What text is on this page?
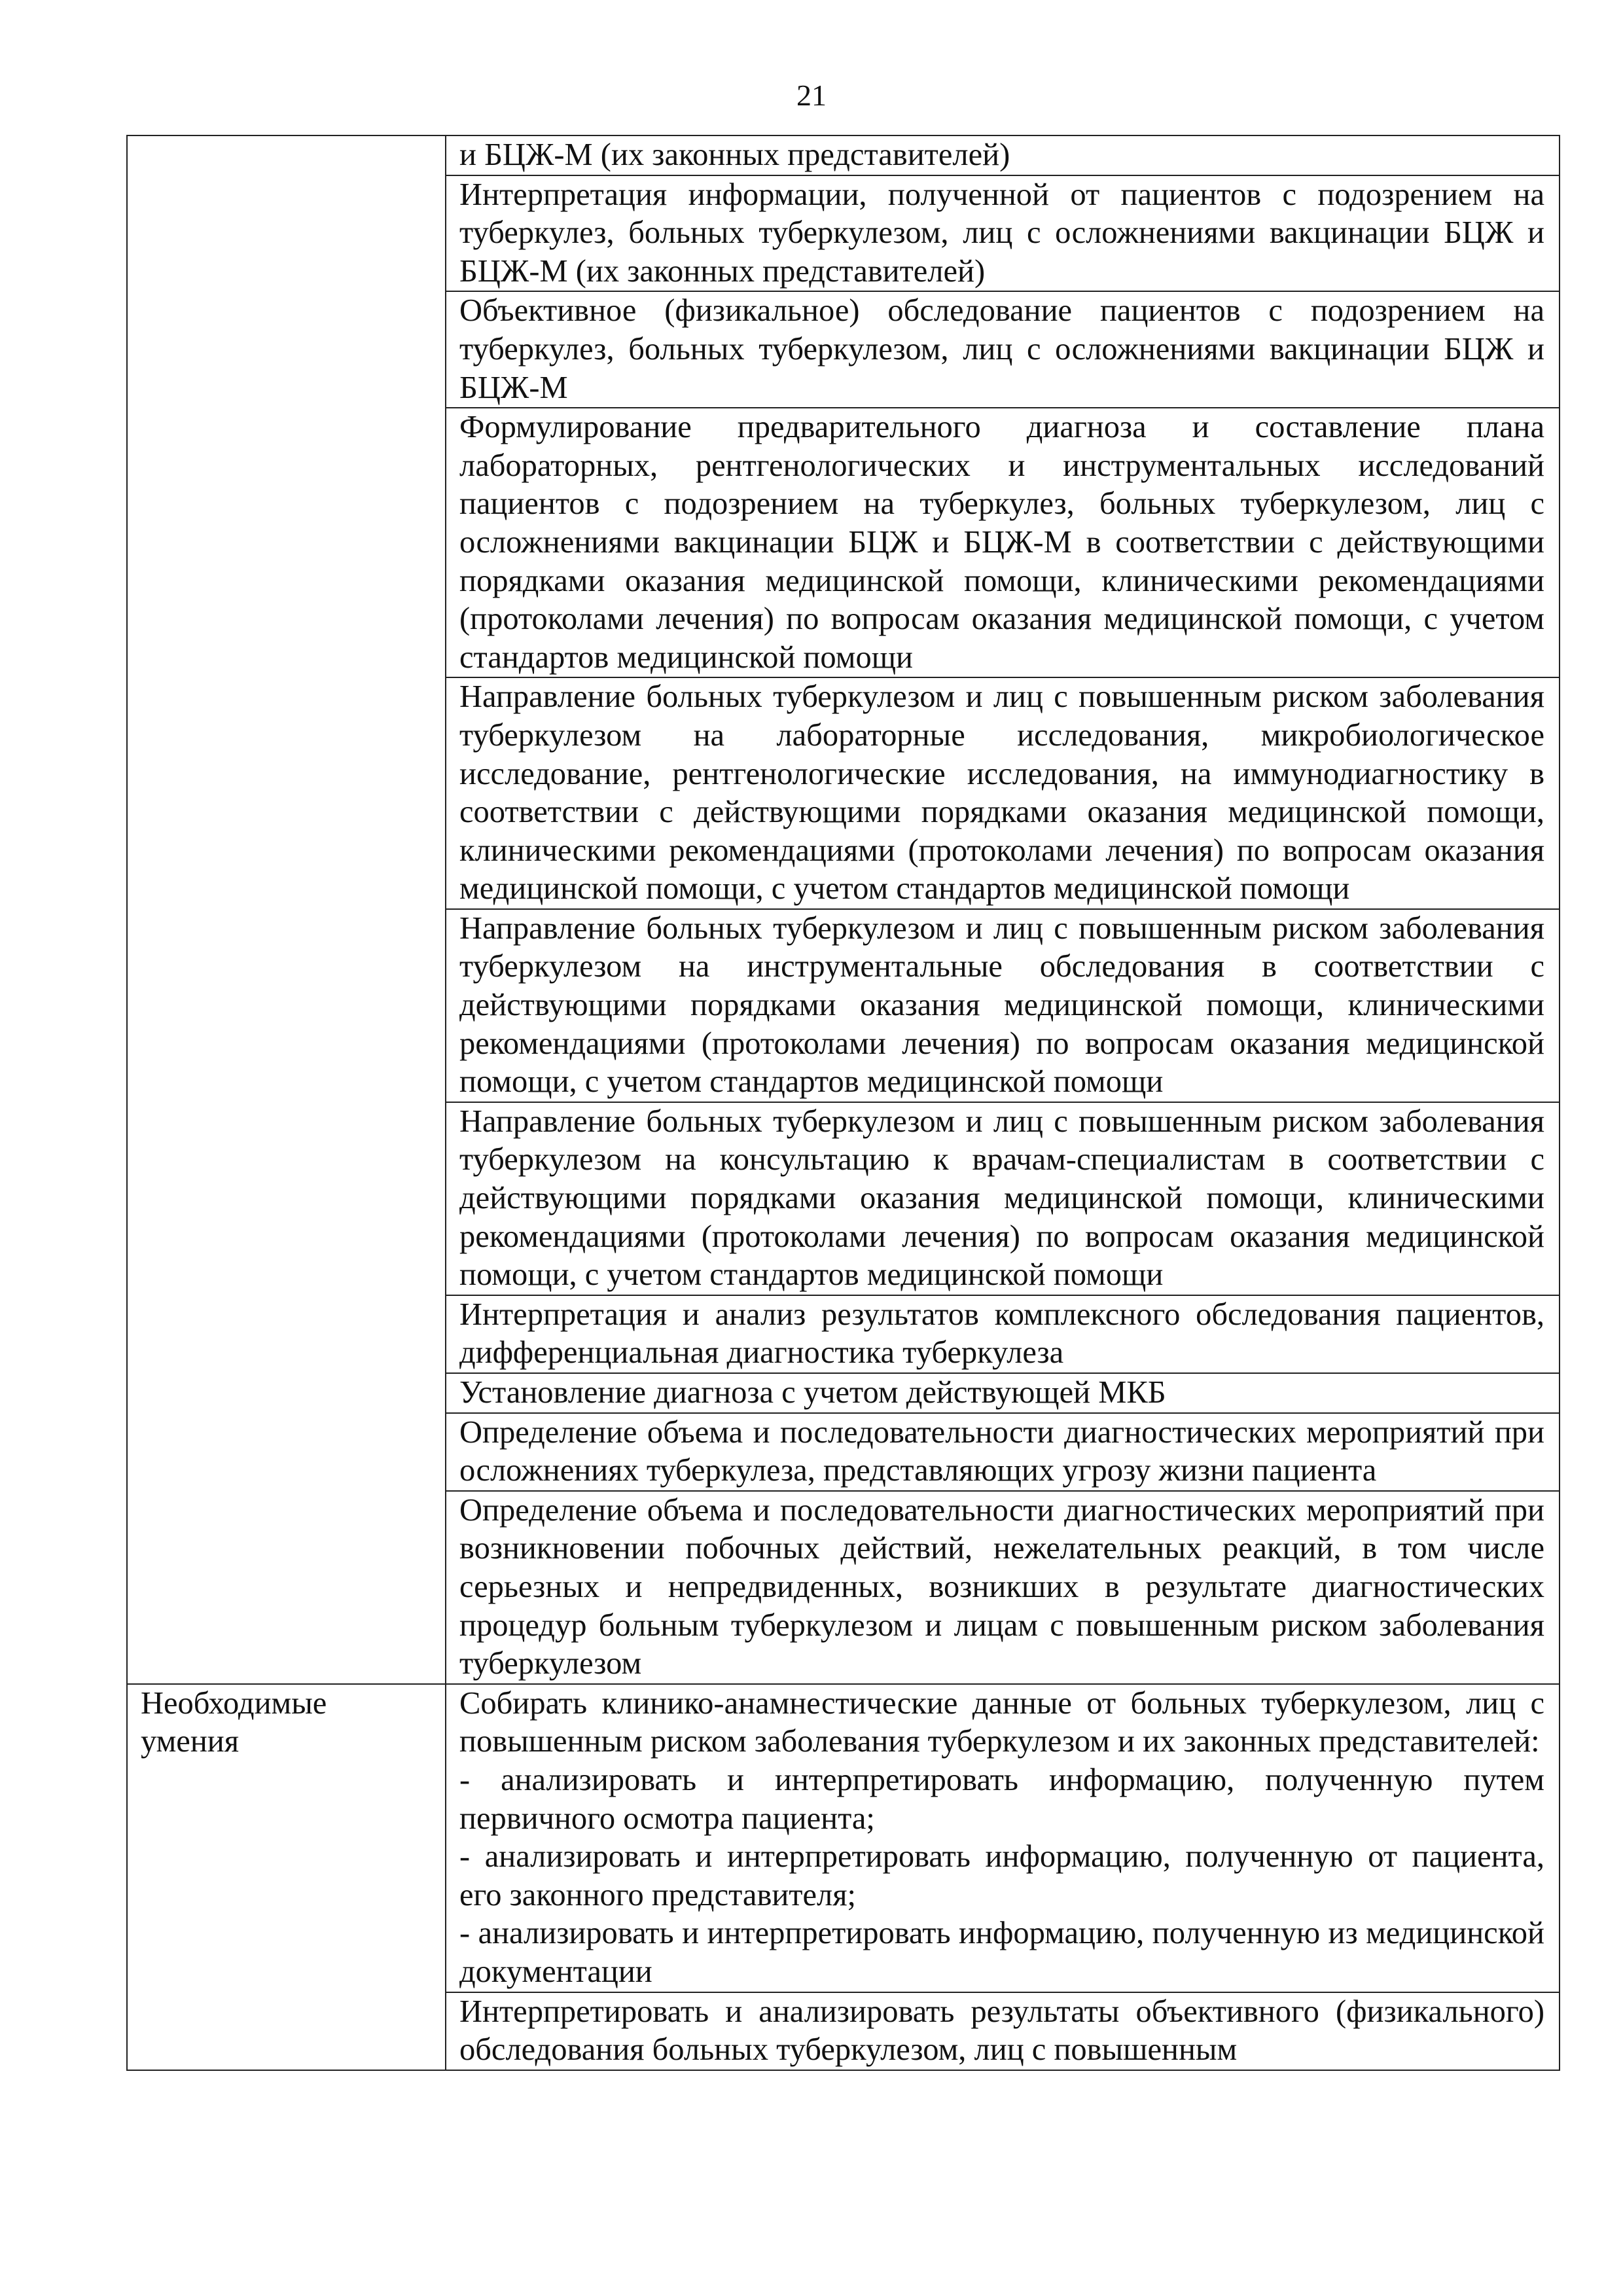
21
	и БЦЖ-М (их законных представителей)
	Интерпретация информации, полученной от пациентов с подозрением на туберкулез, больных туберкулезом, лиц с осложнениями вакцинации БЦЖ и БЦЖ-М (их законных представителей)
	Объективное (физикальное) обследование пациентов с подозрением на туберкулез, больных туберкулезом, лиц с осложнениями вакцинации БЦЖ и БЦЖ-М
	Формулирование предварительного диагноза и составление плана лабораторных, рентгенологических и инструментальных исследований пациентов с подозрением на туберкулез, больных туберкулезом, лиц с осложнениями вакцинации БЦЖ и БЦЖ-М в соответствии с действующими порядками оказания медицинской помощи, клиническими рекомендациями (протоколами лечения) по вопросам оказания медицинской помощи, с учетом стандартов медицинской помощи
	Направление больных туберкулезом и лиц с повышенным риском заболевания туберкулезом на лабораторные исследования, микробиологическое исследование, рентгенологические исследования, на иммунодиагностику в соответствии с действующими порядками оказания медицинской помощи, клиническими рекомендациями (протоколами лечения) по вопросам оказания медицинской помощи, с учетом стандартов медицинской помощи
	Направление больных туберкулезом и лиц с повышенным риском заболевания туберкулезом на инструментальные обследования в соответствии с действующими порядками оказания медицинской помощи, клиническими рекомендациями (протоколами лечения) по вопросам оказания медицинской помощи, с учетом стандартов медицинской помощи
	Направление больных туберкулезом и лиц с повышенным риском заболевания туберкулезом на консультацию к врачам-специалистам в соответствии с действующими порядками оказания медицинской помощи, клиническими рекомендациями (протоколами лечения) по вопросам оказания медицинской помощи, с учетом стандартов медицинской помощи
	Интерпретация и анализ результатов комплексного обследования пациентов, дифференциальная диагностика туберкулеза
	Установление диагноза с учетом действующей МКБ
	Определение объема и последовательности диагностических мероприятий при осложнениях туберкулеза, представляющих угрозу жизни пациента
	Определение объема и последовательности диагностических мероприятий при возникновении побочных действий, нежелательных реакций, в том числе серьезных и непредвиденных, возникших в результате диагностических процедур больным туберкулезом и лицам с повышенным риском заболевания туберкулезом

Необходимые
умения	Собирать клинико-анамнестические данные от больных туберкулезом, лиц с повышенным риском заболевания туберкулезом и их законных представителей:
- анализировать и интерпретировать информацию, полученную путем первичного осмотра пациента;
- анализировать и интерпретировать информацию, полученную от пациента, его законного представителя;
- анализировать и интерпретировать информацию, полученную из медицинской документации

	Интерпретировать и анализировать результаты объективного (физикального) обследования больных туберкулезом, лиц с повышенным
